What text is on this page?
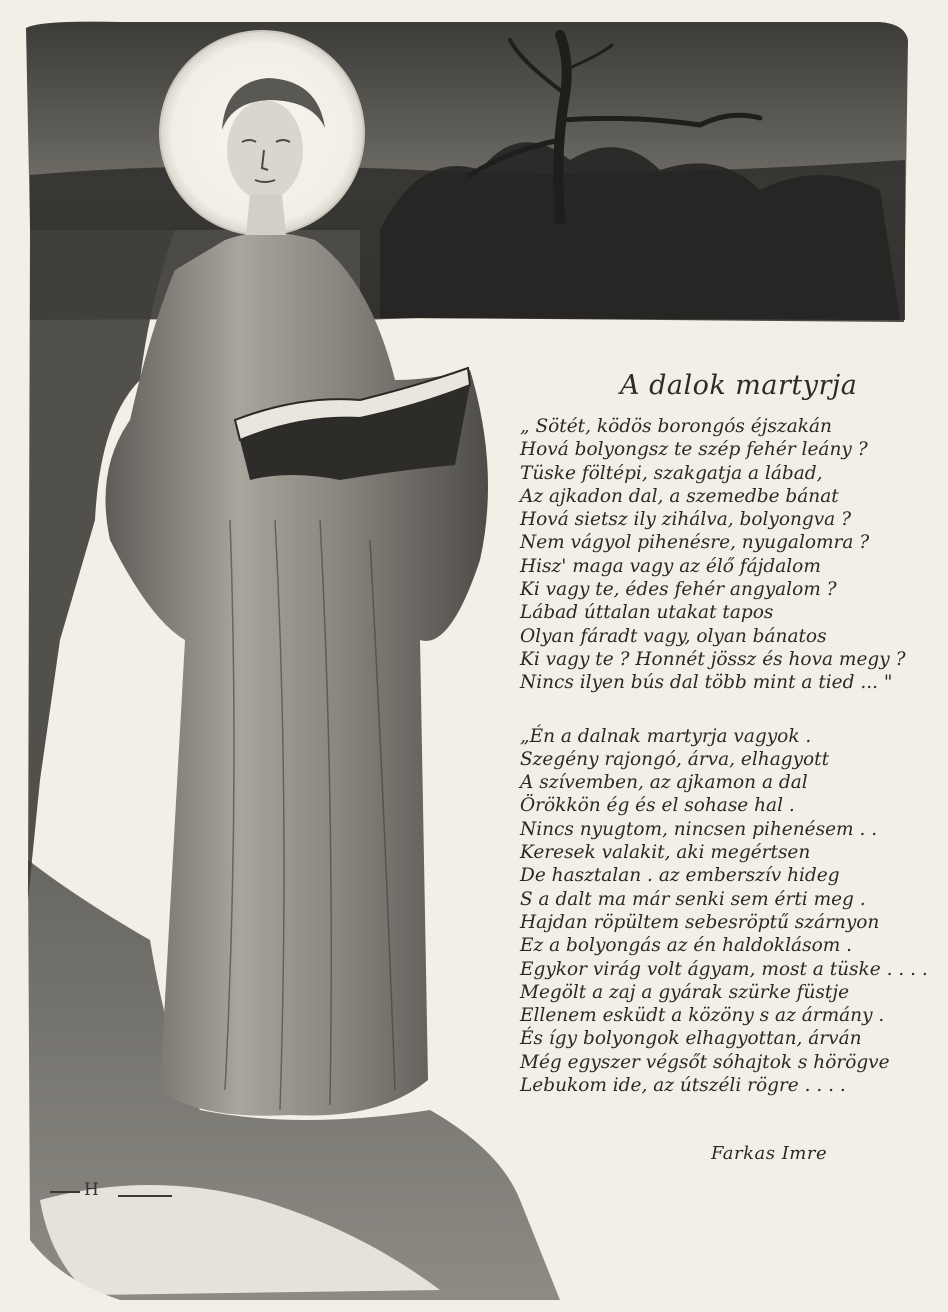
H
A dalok martyrja
„ Sötét, ködös borongós éjszakán
Hová bolyongsz te szép fehér leány ?
Tüske föltépi, szakgatja a lábad,
Az ajkadon dal, a szemedbe bánat
Hová sietsz ily zihálva, bolyongva ?
Nem vágyol pihenésre, nyugalomra ?
Hisz' maga vagy az élő fájdalom
Ki vagy te, édes fehér angyalom ?
Lábad úttalan utakat tapos
Olyan fáradt vagy, olyan bánatos
Ki vagy te ? Honnét jössz és hova megy ?
Nincs ilyen bús dal több mint a tied ... "
„Én a dalnak martyrja vagyok .
Szegény rajongó, árva, elhagyott
A szívemben, az ajkamon a dal
Örökkön ég és el sohase hal .
Nincs nyugtom, nincsen pihenésem . .
Keresek valakit, aki megértsen
De hasztalan . az emberszív hideg
S a dalt ma már senki sem érti meg .
Hajdan röpültem sebesröptű szárnyon
Ez a bolyongás az én haldoklásom .
Egykor virág volt ágyam, most a tüske . . . .
Megölt a zaj a gyárak szürke füstje
Ellenem esküdt a közöny s az ármány .
És így bolyongok elhagyottan, árván
Még egyszer végsőt sóhajtok s hörögve
Lebukom ide, az útszéli rögre . . . .
Farkas Imre
